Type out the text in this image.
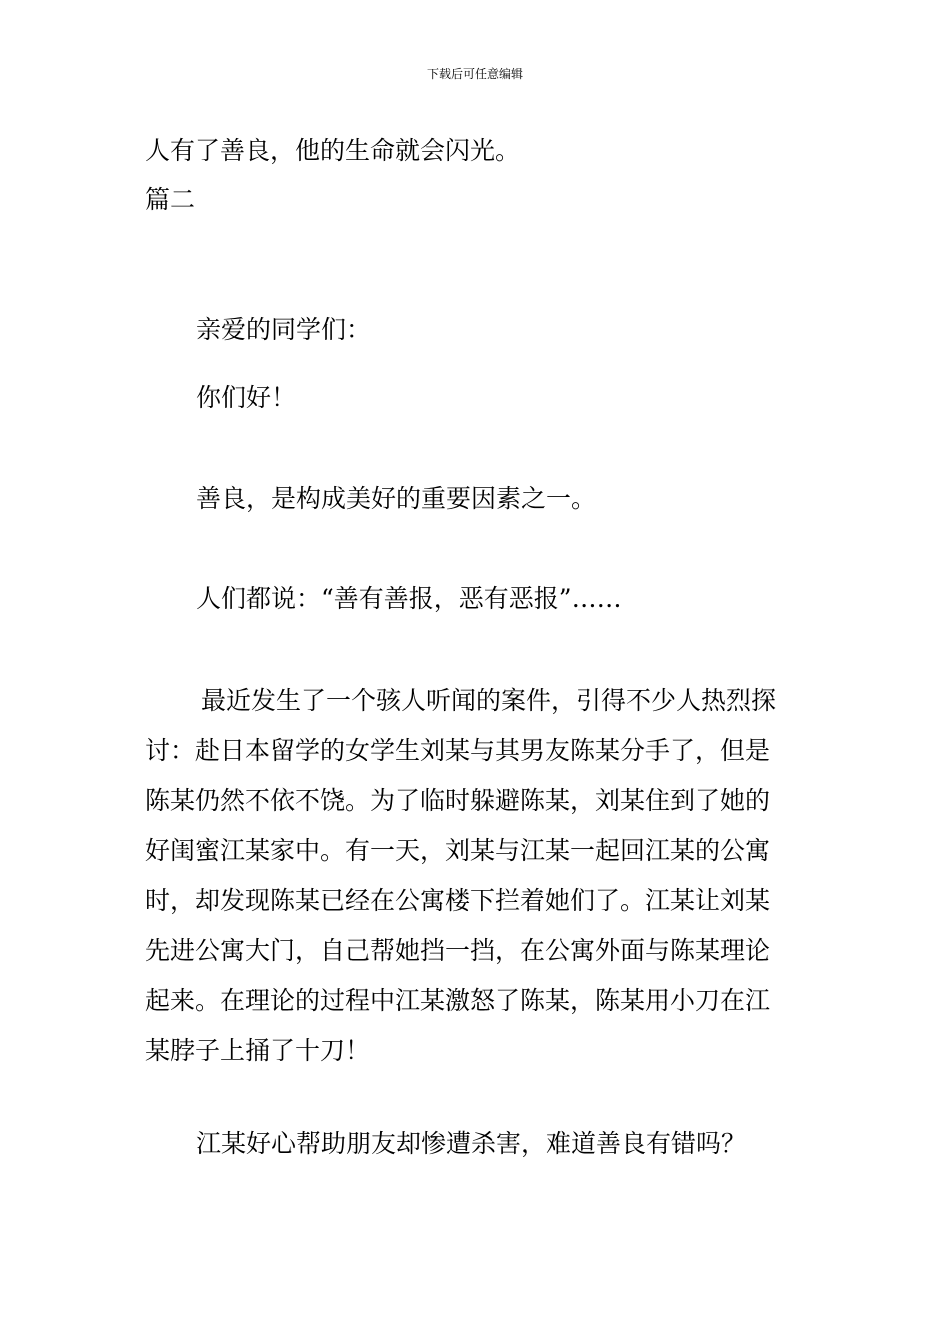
下载后可任意编辑
人有了善良，他的生命就会闪光。
篇二
亲爱的同学们：
你们好！
善良，是构成美好的重要因素之一。
人们都说：“善有善报，恶有恶报”……
最近发生了一个骇人听闻的案件，引得不少人热烈探
讨：赴日本留学的女学生刘某与其男友陈某分手了，但是
陈某仍然不依不饶。为了临时躲避陈某，刘某住到了她的
好闺蜜江某家中。有一天，刘某与江某一起回江某的公寓
时，却发现陈某已经在公寓楼下拦着她们了。江某让刘某
先进公寓大门，自己帮她挡一挡，在公寓外面与陈某理论
起来。在理论的过程中江某激怒了陈某，陈某用小刀在江
某脖子上捅了十刀！
江某好心帮助朋友却惨遭杀害，难道善良有错吗？
